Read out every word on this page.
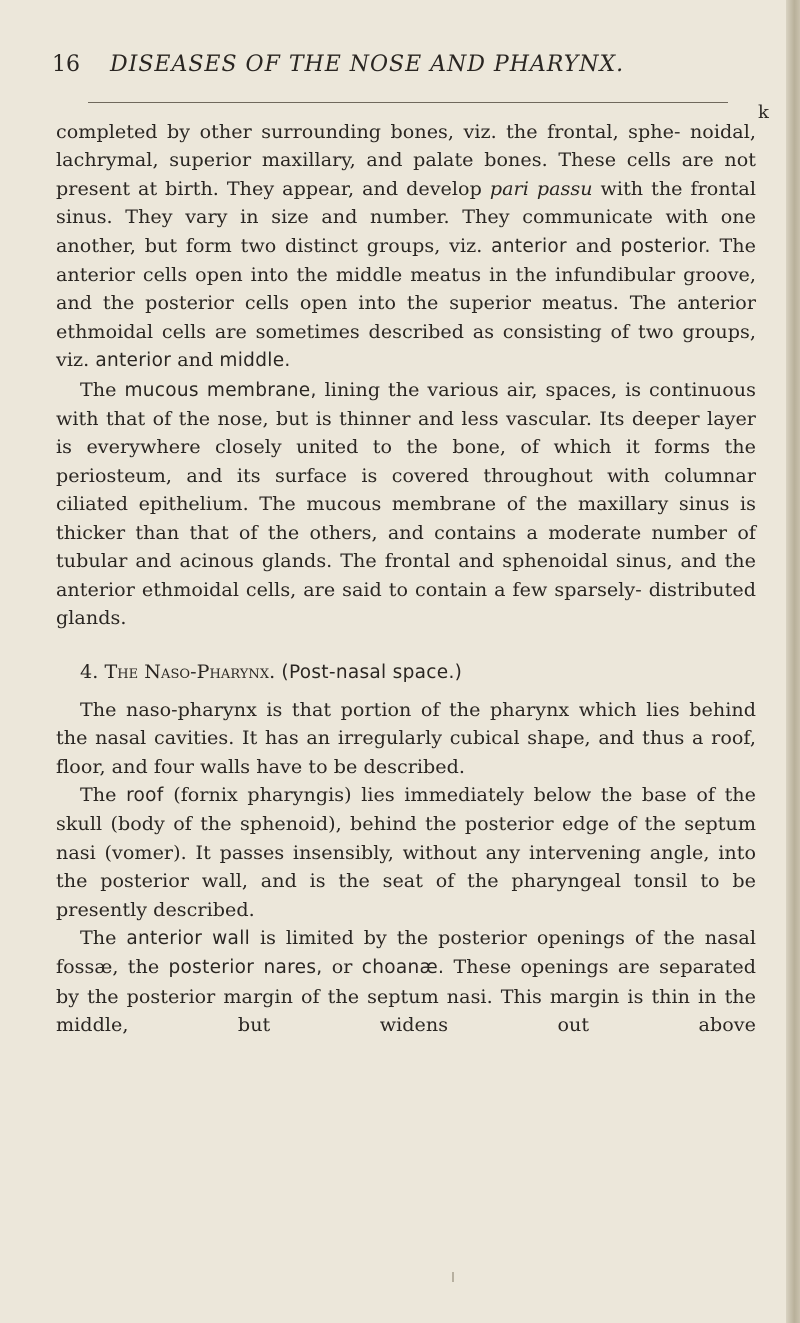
16 DISEASES OF THE NOSE AND PHARYNX.
k

completed by other surrounding bones, viz. the frontal, sphe- noidal, lachrymal, superior maxillary, and palate bones. These cells are not present at birth. They appear, and develop pari passu with the frontal sinus. They vary in size and number. They communicate with one another, but form two distinct groups, viz. anterior and posterior. The anterior cells open into the middle meatus in the infundibular groove, and the posterior cells open into the superior meatus. The anterior ethmoidal cells are sometimes described as consisting of two groups, viz. anterior and middle.

The mucous membrane, lining the various air, spaces, is continuous with that of the nose, but is thinner and less vascular. Its deeper layer is everywhere closely united to the bone, of which it forms the periosteum, and its surface is covered throughout with columnar ciliated epithelium. The mucous membrane of the maxillary sinus is thicker than that of the others, and contains a moderate number of tubular and acinous glands. The frontal and sphenoidal sinus, and the anterior ethmoidal cells, are said to contain a few sparsely- distributed glands.

4. The Naso-Pharynx. (Post-nasal space.)

The naso-pharynx is that portion of the pharynx which lies behind the nasal cavities. It has an irregularly cubical shape, and thus a roof, floor, and four walls have to be described.

The roof (fornix pharyngis) lies immediately below the base of the skull (body of the sphenoid), behind the posterior edge of the septum nasi (vomer). It passes insensibly, without any intervening angle, into the posterior wall, and is the seat of the pharyngeal tonsil to be presently described.

The anterior wall is limited by the posterior openings of the nasal fossæ, the posterior nares, or choanæ. These openings are separated by the posterior margin of the septum nasi. This margin is thin in the middle, but widens out above
